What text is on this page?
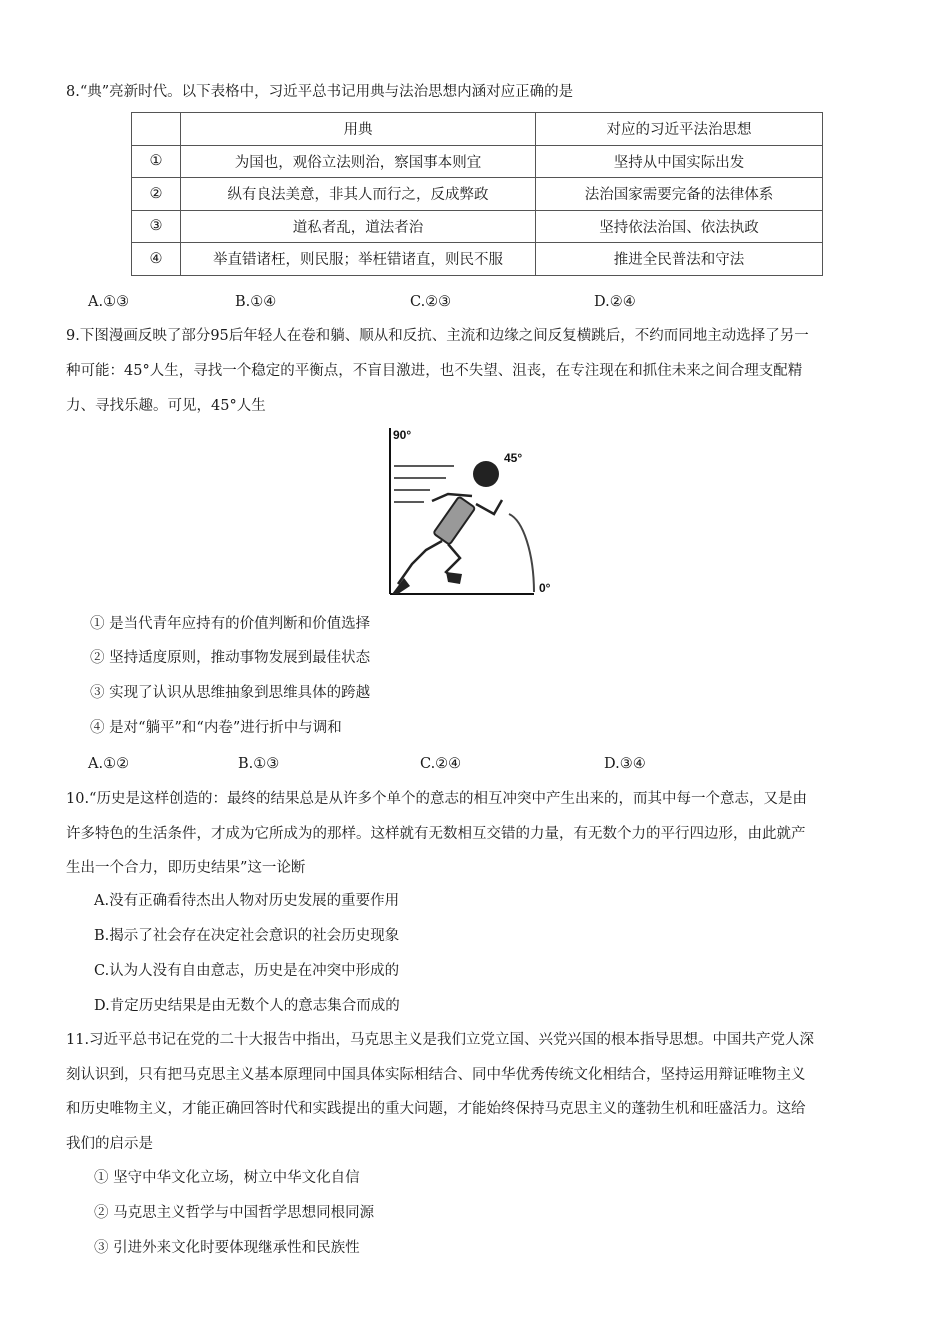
8.“典”亮新时代。以下表格中，习近平总书记用典与法治思想内涵对应正确的是
	用典	对应的习近平法治思想
①	为国也，观俗立法则治，察国事本则宜	坚持从中国实际出发
②	纵有良法美意，非其人而行之，反成弊政	法治国家需要完备的法律体系
③	道私者乱，道法者治	坚持依法治国、依法执政
④	举直错诸枉，则民服；举枉错诸直，则民不服	推进全民普法和守法
A.①③	B.①④	C.②③	D.②④
9.下图漫画反映了部分95后年轻人在卷和躺、顺从和反抗、主流和边缘之间反复横跳后，不约而同地主动选择了另一
种可能：45°人生，寻找一个稳定的平衡点，不盲目激进，也不失望、沮丧，在专注现在和抓住未来之间合理支配精
力、寻找乐趣。可见，45°人生
90°
45°
0°
① 是当代青年应持有的价值判断和价值选择
② 坚持适度原则，推动事物发展到最佳状态
③ 实现了认识从思维抽象到思维具体的跨越
④ 是对“躺平”和“内卷”进行折中与调和
A.①②	B.①③	C.②④	D.③④
10.“历史是这样创造的：最终的结果总是从许多个单个的意志的相互冲突中产生出来的，而其中每一个意志，又是由
许多特色的生活条件，才成为它所成为的那样。这样就有无数相互交错的力量，有无数个力的平行四边形，由此就产
生出一个合力，即历史结果”这一论断
A.没有正确看待杰出人物对历史发展的重要作用
B.揭示了社会存在决定社会意识的社会历史现象
C.认为人没有自由意志，历史是在冲突中形成的
D.肯定历史结果是由无数个人的意志集合而成的
11.习近平总书记在党的二十大报告中指出，马克思主义是我们立党立国、兴党兴国的根本指导思想。中国共产党人深
刻认识到，只有把马克思主义基本原理同中国具体实际相结合、同中华优秀传统文化相结合，坚持运用辩证唯物主义
和历史唯物主义，才能正确回答时代和实践提出的重大问题，才能始终保持马克思主义的蓬勃生机和旺盛活力。这给
我们的启示是
① 坚守中华文化立场，树立中华文化自信
② 马克思主义哲学与中国哲学思想同根同源
③ 引进外来文化时要体现继承性和民族性
